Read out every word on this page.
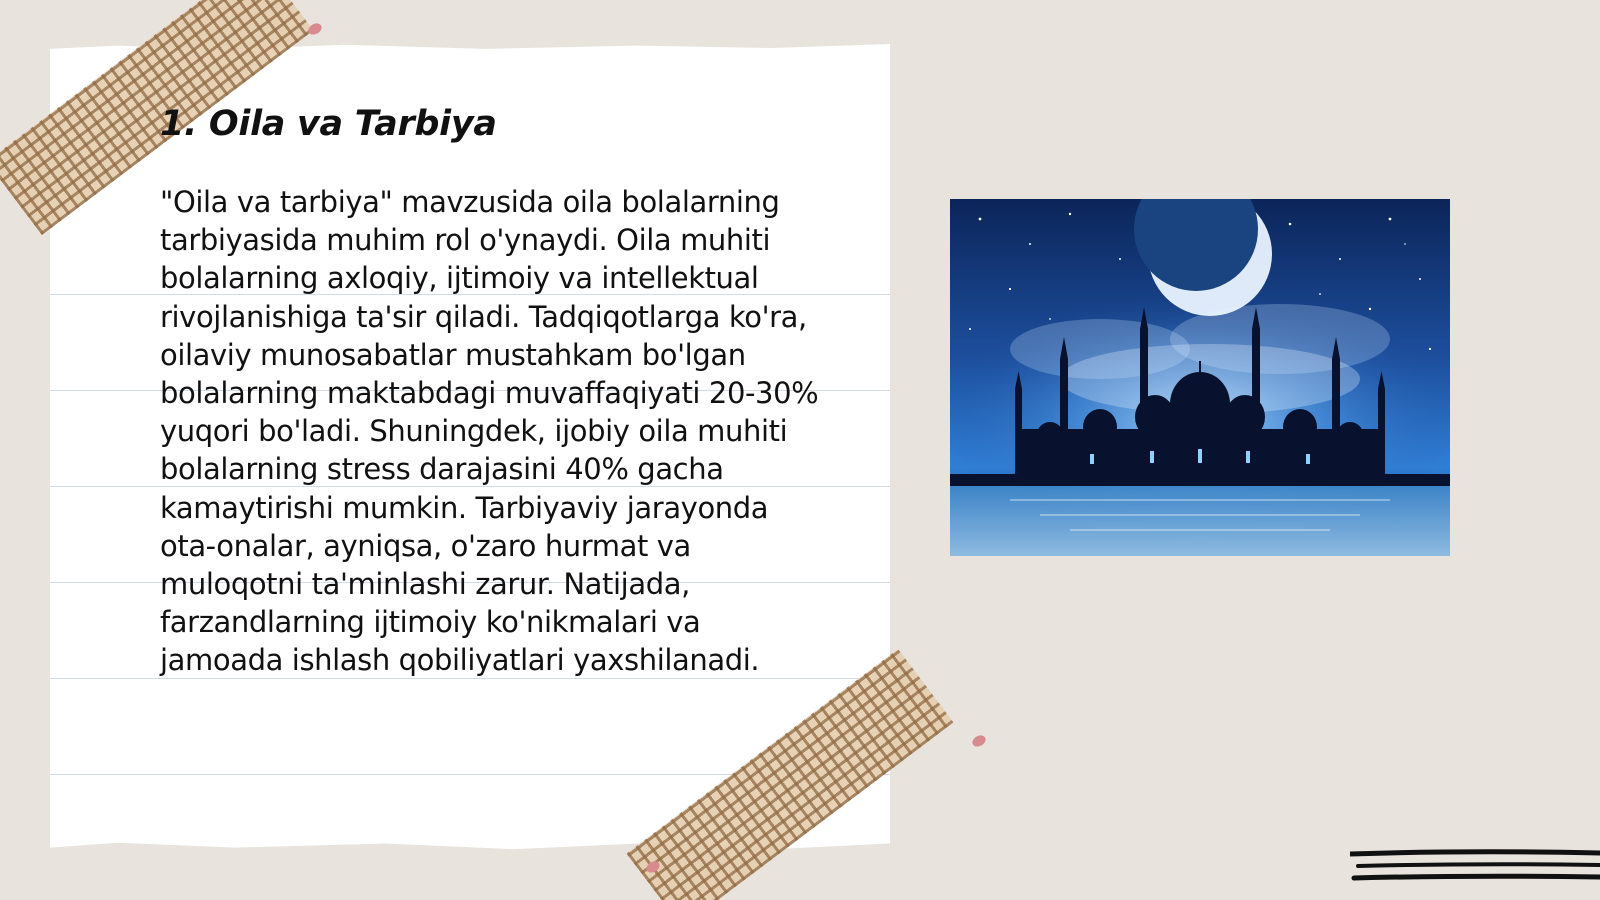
1. Oila va Tarbiya

"Oila va tarbiya" mavzusida oila bolalarning tarbiyasida muhim rol o'ynaydi. Oila muhiti bolalarning axloqiy, ijtimoiy va intellektual rivojlanishiga ta'sir qiladi. Tadqiqotlarga ko'ra, oilaviy munosabatlar mustahkam bo'lgan bolalarning maktabdagi muvaffaqiyati 20-30% yuqori bo'ladi. Shuningdek, ijobiy oila muhiti bolalarning stress darajasini 40% gacha kamaytirishi mumkin. Tarbiyaviy jarayonda ota-onalar, ayniqsa, o'zaro hurmat va muloqotni ta'minlashi zarur. Natijada, farzandlarning ijtimoiy ko'nikmalari va jamoada ishlash qobiliyatlari yaxshilanadi.
